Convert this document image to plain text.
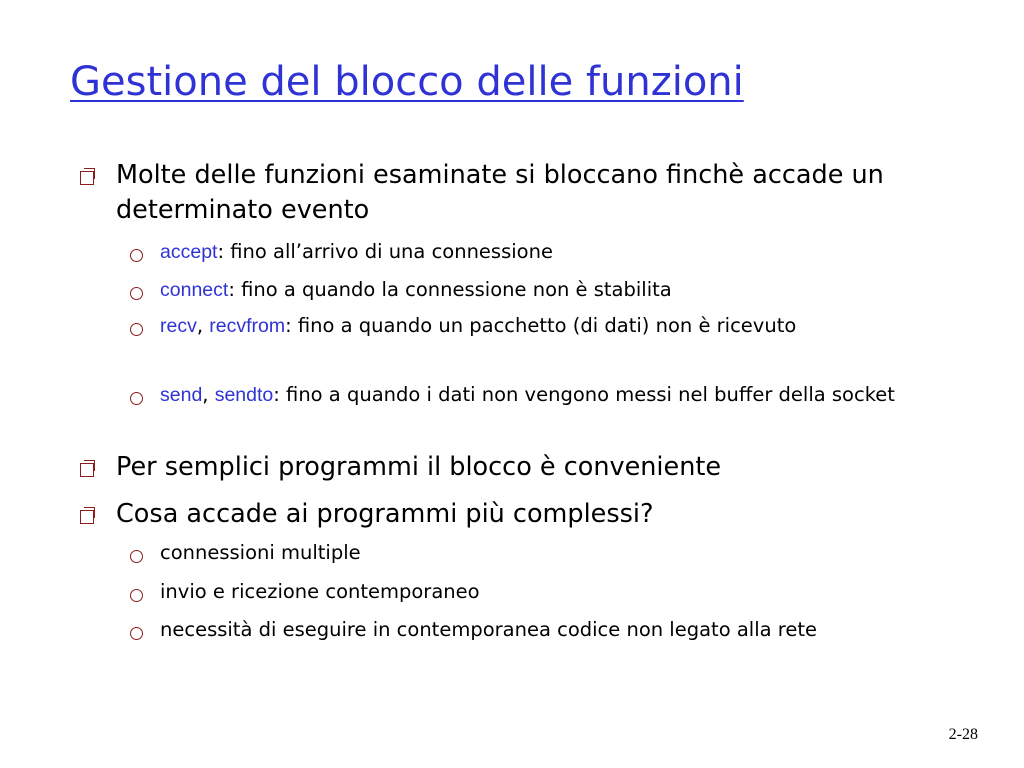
Gestione del blocco delle funzioni
Molte delle funzioni esaminate si bloccano finchè accade un determinato evento
accept: fino all’arrivo di una connessione
connect: fino a quando la connessione non è stabilita
recv, recvfrom: fino a quando un pacchetto (di dati) non è ricevuto
send, sendto: fino a quando i dati non vengono messi nel buffer della socket
Per semplici programmi il blocco è conveniente
Cosa accade ai programmi più complessi?
connessioni multiple
invio e ricezione contemporaneo
necessità di eseguire in contemporanea codice non legato alla rete
2-28
